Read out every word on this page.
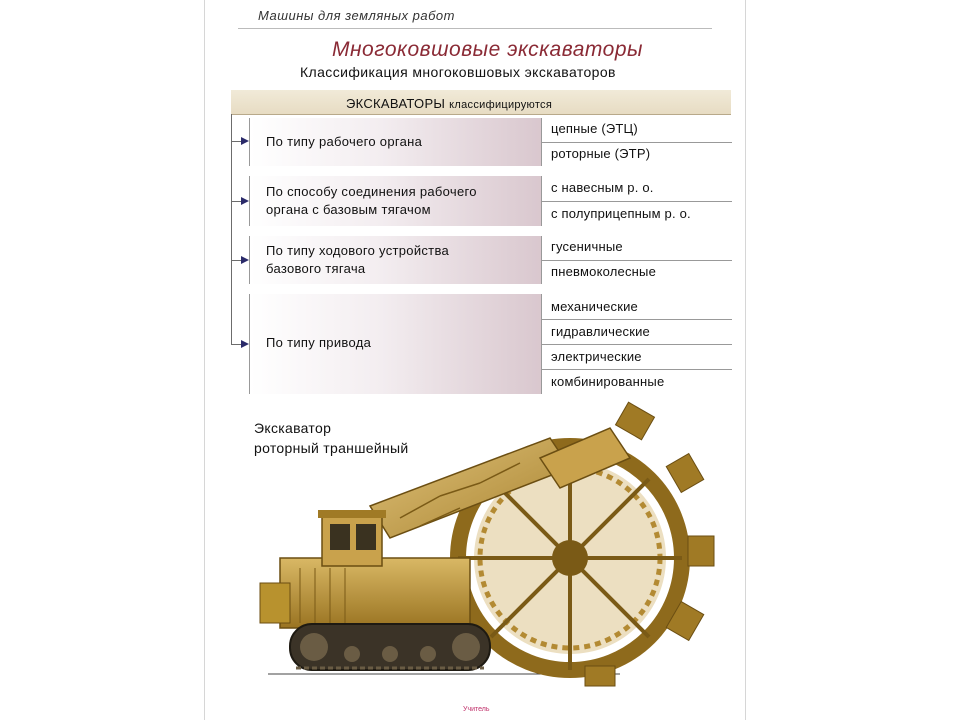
Машины для земляных работ
Многоковшовые экскаваторы
Классификация многоковшовых экскаваторов
ЭКСКАВАТОРЫ классифицируются
По типу рабочего органа
цепные (ЭТЦ)
роторные (ЭТР)
По способу соединения рабочего
органа с базовым тягачом
с навесным р. о.
с полуприцепным р. о.
По типу ходового устройства
базового тягача
гусеничные
пневмоколесные
По типу привода
механические
гидравлические
электрические
комбинированные
Экскаватор
роторный траншейный
Учитель
